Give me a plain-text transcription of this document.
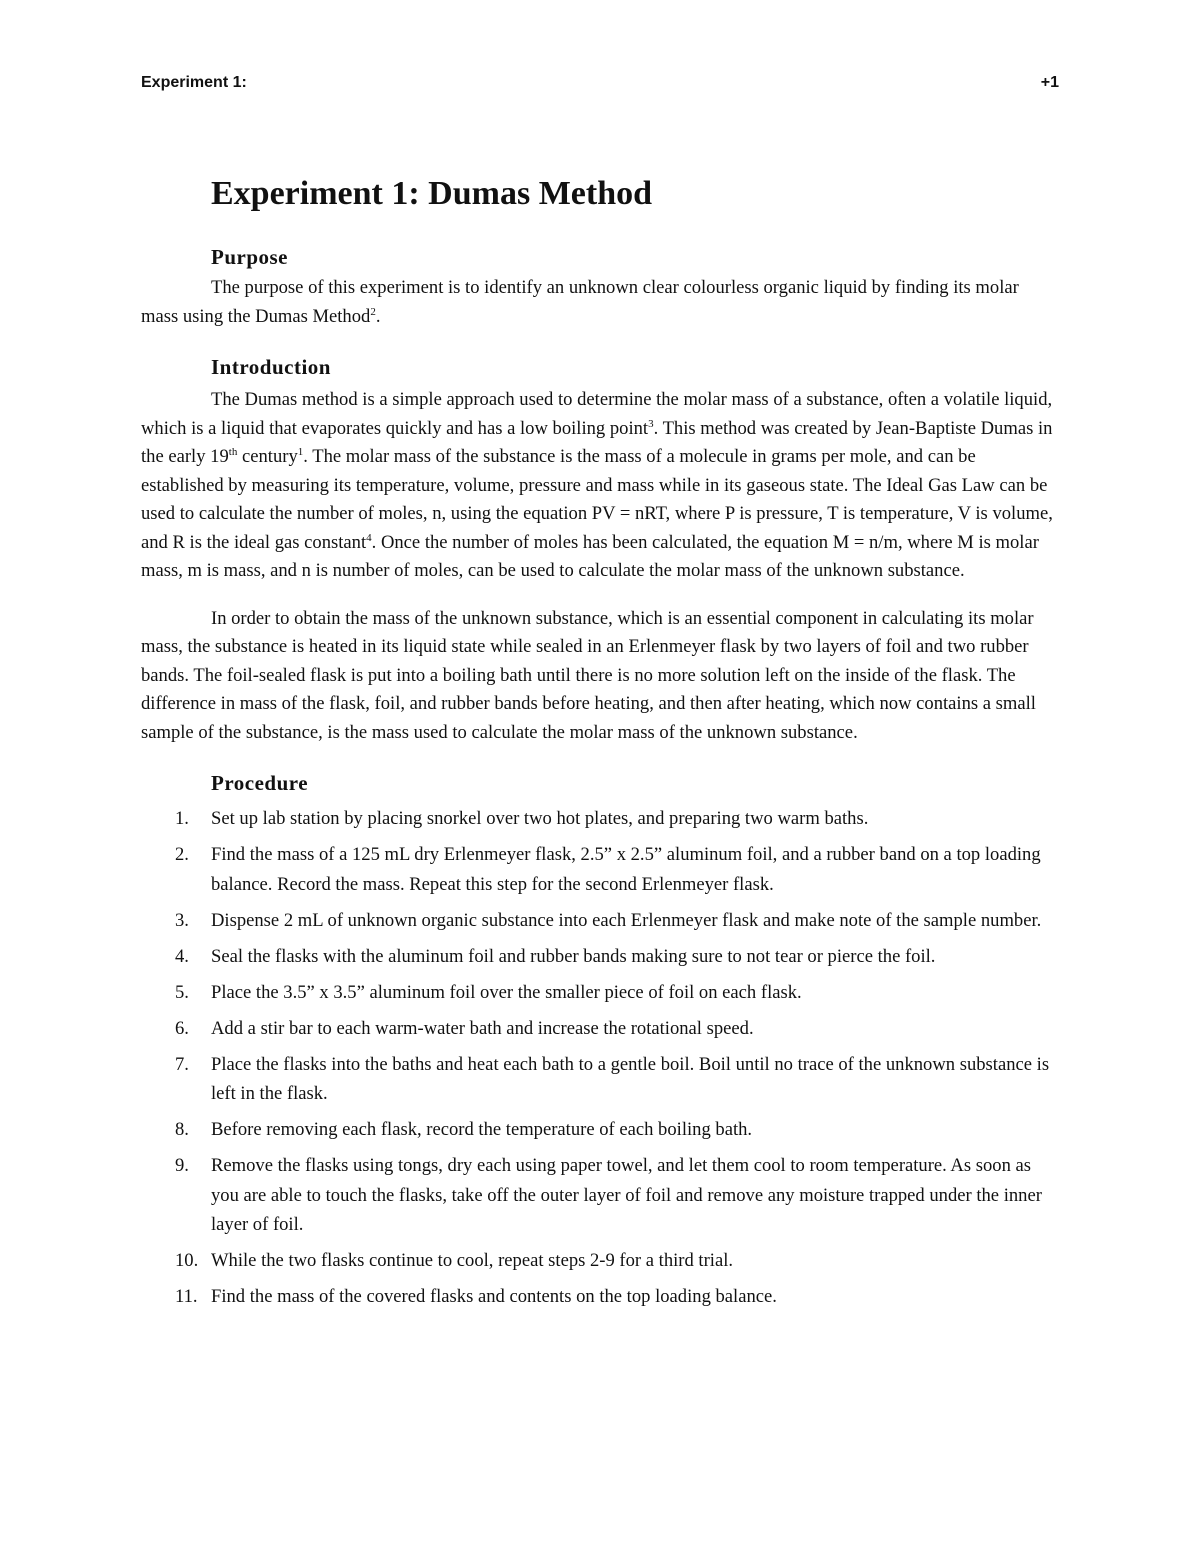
Experiment 1:	+1
Experiment 1: Dumas Method
Purpose

The purpose of this experiment is to identify an unknown clear colourless organic liquid by finding its molar mass using the Dumas Method$^2$.

Introduction

The Dumas method is a simple approach used to determine the molar mass of a substance, often a volatile liquid, which is a liquid that evaporates quickly and has a low boiling point$^3$. This method was created by Jean-Baptiste Dumas in the early 19th century$^1$. The molar mass of the substance is the mass of a molecule in grams per mole, and can be established by measuring its temperature, volume, pressure and mass while in its gaseous state. The Ideal Gas Law can be used to calculate the number of moles, n, using the equation PV = nRT, where P is pressure, T is temperature, V is volume, and R is the ideal gas constant$^4$. Once the number of moles has been calculated, the equation M = n/m, where M is molar mass, m is mass, and n is number of moles, can be used to calculate the molar mass of the unknown substance.

In order to obtain the mass of the unknown substance, which is an essential component in calculating its molar mass, the substance is heated in its liquid state while sealed in an Erlenmeyer flask by two layers of foil and two rubber bands. The foil-sealed flask is put into a boiling bath until there is no more solution left on the inside of the flask. The difference in mass of the flask, foil, and rubber bands before heating, and then after heating, which now contains a small sample of the substance, is the mass used to calculate the molar mass of the unknown substance.

Procedure
1. Set up lab station by placing snorkel over two hot plates, and preparing two warm baths.
2. Find the mass of a 125 mL dry Erlenmeyer flask, 2.5” x 2.5” aluminum foil, and a rubber band on a top loading balance. Record the mass. Repeat this step for the second Erlenmeyer flask.
3. Dispense 2 mL of unknown organic substance into each Erlenmeyer flask and make note of the sample number.
4. Seal the flasks with the aluminum foil and rubber bands making sure to not tear or pierce the foil.
5. Place the 3.5” x 3.5” aluminum foil over the smaller piece of foil on each flask.
6. Add a stir bar to each warm-water bath and increase the rotational speed.
7. Place the flasks into the baths and heat each bath to a gentle boil. Boil until no trace of the unknown substance is left in the flask.
8. Before removing each flask, record the temperature of each boiling bath.
9. Remove the flasks using tongs, dry each using paper towel, and let them cool to room temperature. As soon as you are able to touch the flasks, take off the outer layer of foil and remove any moisture trapped under the inner layer of foil.
10. While the two flasks continue to cool, repeat steps 2-9 for a third trial.
11. Find the mass of the covered flasks and contents on the top loading balance.
